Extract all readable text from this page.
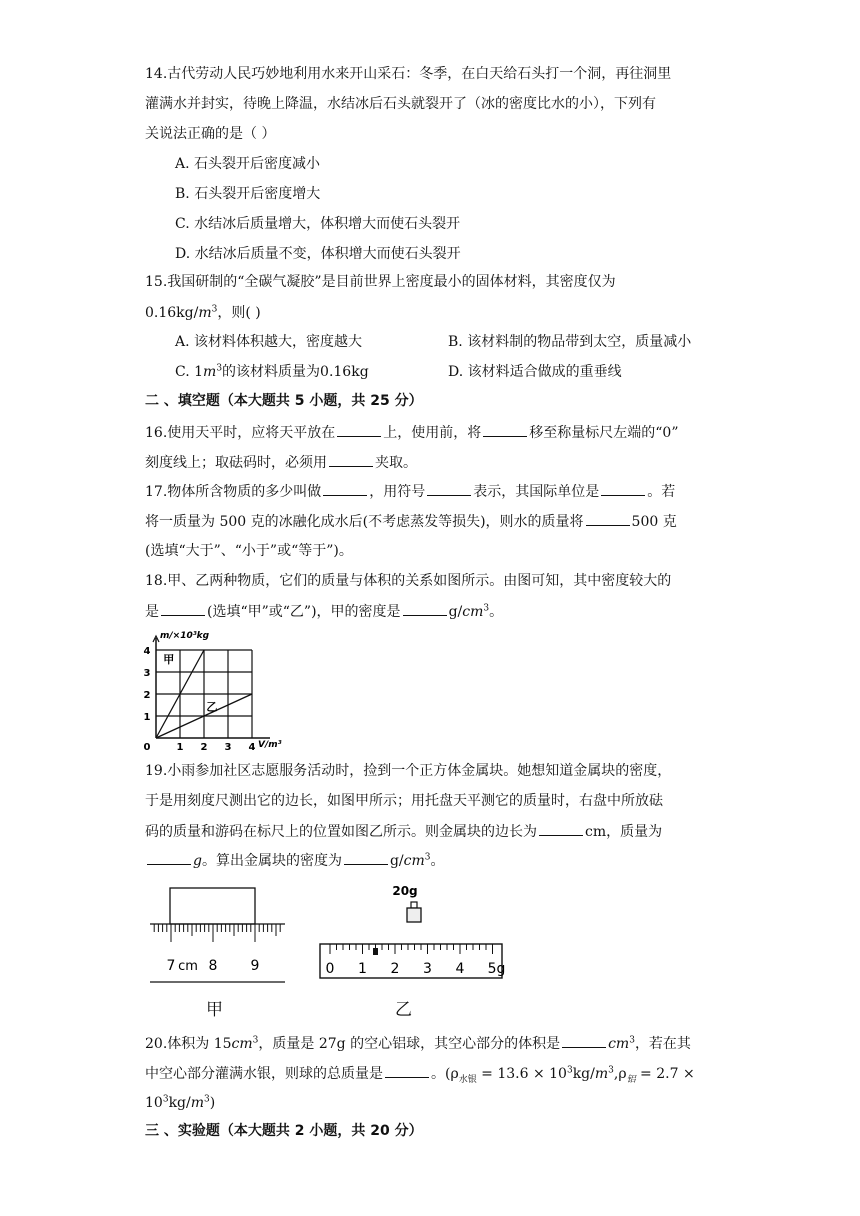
14.古代劳动人民巧妙地利用水来开山采石：冬季，在白天给石头打一个洞，再往洞里
灌满水并封实，待晚上降温，水结冰后石头就裂开了（冰的密度比水的小），下列有
关说法正确的是（ ）
A. 石头裂开后密度减小
B. 石头裂开后密度增大
C. 水结冰后质量增大，体积增大而使石头裂开
D. 水结冰后质量不变，体积增大而使石头裂开
15.我国研制的“全碳气凝胶”是目前世界上密度最小的固体材料，其密度仅为
$0.16kg/m^3$，则( )
A. 该材料体积越大，密度越大	B. 该材料制的物品带到太空，质量减小
C. $1m^3$的该材料质量为0.16kg	D. 该材料适合做成的重垂线
二 、填空题（本大题共 5 小题，共 25 分）
16.使用天平时，应将天平放在	上，使用前，将	移至称量标尺左端的“0”
刻度线上；取砝码时，必须用	夹取。
17.物体所含物质的多少叫做	，用符号	表示，其国际单位是	。若
将一质量为 500 克的冰融化成水后(不考虑蒸发等损失)，则水的质量将	500 克
(选填“大于”、“小于”或“等于”)。
18.甲、乙两种物质，它们的质量与体积的关系如图所示。由图可知，其中密度较大的
是	(选填“甲”或“乙”)，甲的密度是	$g/cm^3$。
甲
乙
0	1 2 3 4
1
2
3
4
m/×10³kg
V/m³
19.小雨参加社区志愿服务活动时，捡到一个正方体金属块。她想知道金属块的密度，
于是用刻度尺测出它的边长，如图甲所示；用托盘天平测它的质量时，右盘中所放砝
码的质量和游码在标尺上的位置如图乙所示。则金属块的边长为	cm，质量为
g。算出金属块的密度为	$g/cm^3$。
7 cm 8 9
甲
20g
0 1 2 3 4 5g
乙
20.体积为 $15cm^3$，质量是 27g 的空心铝球，其空心部分的体积是	$cm^3$，若在其
中空心部分灌满水银，则球的总质量是	。($\rho_{水银} = 13.6 \times 10^3kg/m^3,\rho_铝 = 2.7$ ×
$10^3kg/m^3$)
三 、实验题（本大题共 2 小题，共 20 分）
